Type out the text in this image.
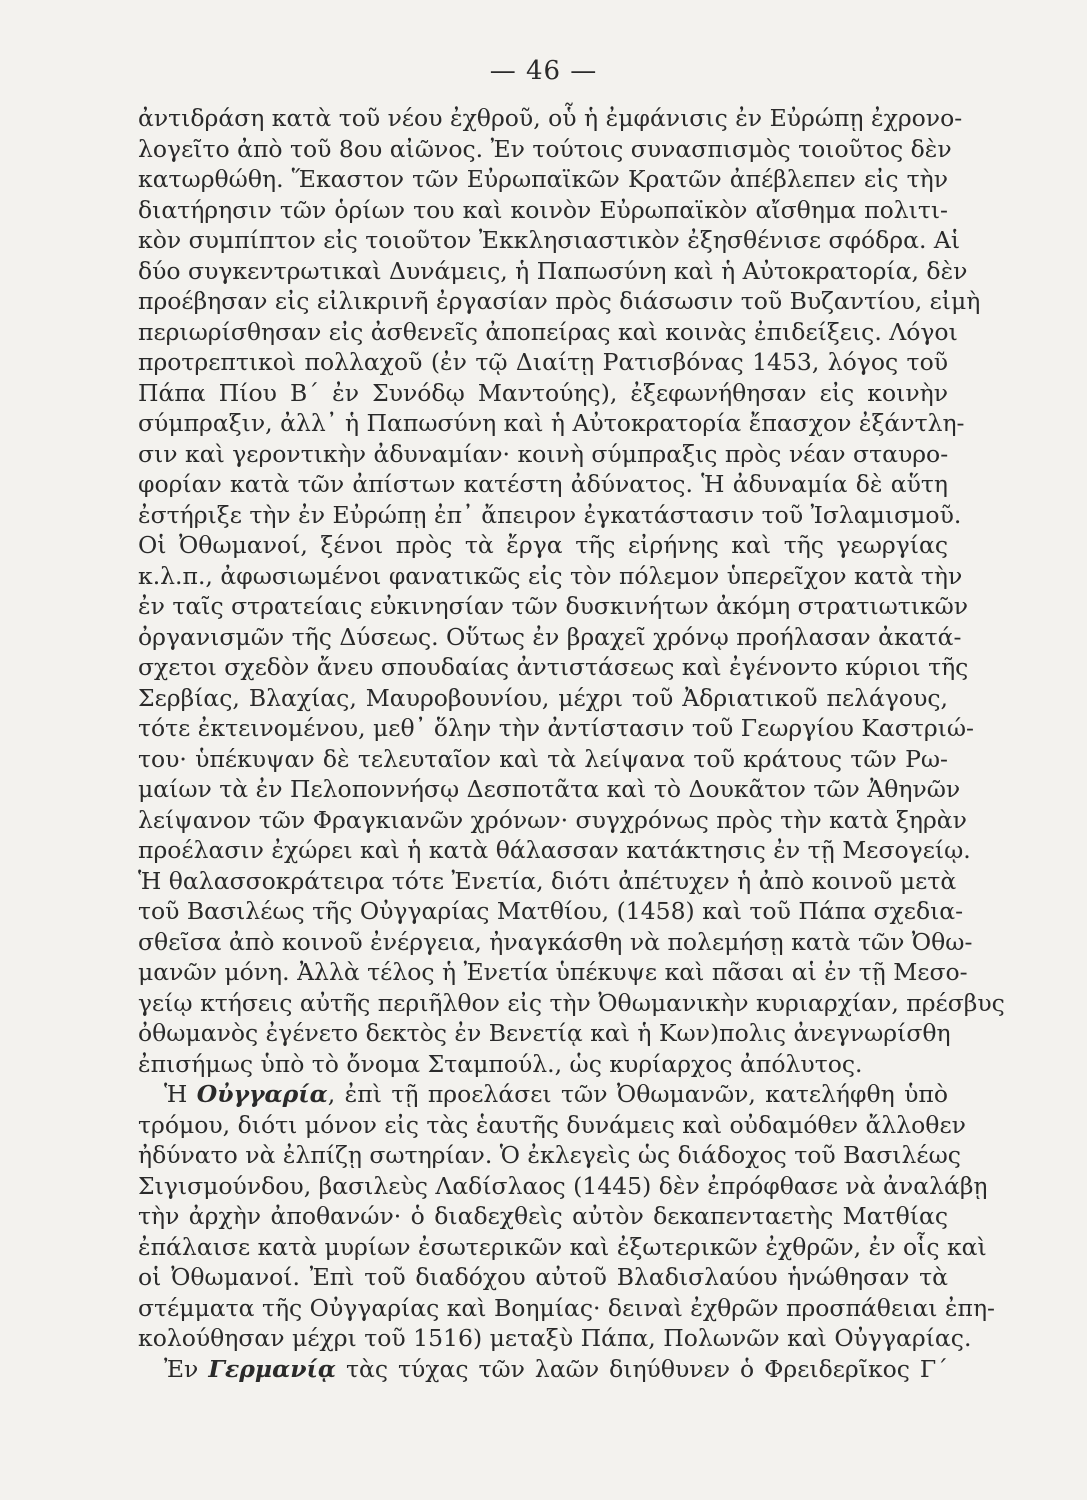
— 46 —
ἀντιδράση κατὰ τοῦ νέου ἐχθροῦ, οὗ ἡ ἐμφάνισις ἐν Εὐρώπῃ ἐχρονο-
λογεῖτο ἀπὸ τοῦ 8ου αἰῶνος. Ἐν τούτοις συνασπισμὸς τοιοῦτος δὲν
κατωρθώθη. Ἕκαστον τῶν Εὐρωπαϊκῶν Κρατῶν ἀπέβλεπεν εἰς τὴν
διατήρησιν τῶν ὁρίων του καὶ κοινὸν Εὐρωπαϊκὸν αἴσθημα πολιτι-
κὸν συμπίπτον εἰς τοιοῦτον Ἐκκλησιαστικὸν ἐξησθένισε σφόδρα. Αἱ
δύο συγκεντρωτικαὶ Δυνάμεις, ἡ Παπωσύνη καὶ ἡ Αὐτοκρατορία, δὲν
προέβησαν εἰς εἰλικρινῆ ἐργασίαν πρὸς διάσωσιν τοῦ Βυζαντίου, εἰμὴ
περιωρίσθησαν εἰς ἀσθενεῖς ἀποπείρας καὶ κοινὰς ἐπιδείξεις. Λόγοι
προτρεπτικοὶ πολλαχοῦ (ἐν τῷ Διαίτῃ Ρατισβόνας 1453, λόγος τοῦ
Πάπα Πίου Β΄ ἐν Συνόδῳ Μαντούης), ἐξεφωνήθησαν εἰς κοινὴν
σύμπραξιν, ἀλλ᾽ ἡ Παπωσύνη καὶ ἡ Αὐτοκρατορία ἔπασχον ἐξάντλη-
σιν καὶ γεροντικὴν ἀδυναμίαν· κοινὴ σύμπραξις πρὸς νέαν σταυρο-
φορίαν κατὰ τῶν ἀπίστων κατέστη ἀδύνατος. Ἡ ἀδυναμία δὲ αὕτη
ἐστήριξε τὴν ἐν Εὐρώπῃ ἐπ᾽ ἄπειρον ἐγκατάστασιν τοῦ Ἰσλαμισμοῦ.
Οἱ Ὀθωμανοί, ξένοι πρὸς τὰ ἔργα τῆς εἰρήνης καὶ τῆς γεωργίας
κ.λ.π., ἀφωσιωμένοι φανατικῶς εἰς τὸν πόλεμον ὑπερεῖχον κατὰ τὴν
ἐν ταῖς στρατείαις εὐκινησίαν τῶν δυσκινήτων ἀκόμη στρατιωτικῶν
ὀργανισμῶν τῆς Δύσεως. Οὕτως ἐν βραχεῖ χρόνῳ προήλασαν ἀκατά-
σχετοι σχεδὸν ἄνευ σπουδαίας ἀντιστάσεως καὶ ἐγένοντο κύριοι τῆς
Σερβίας, Βλαχίας, Μαυροβουνίου, μέχρι τοῦ Ἀδριατικοῦ πελάγους,
τότε ἐκτεινομένου, μεθ᾽ ὅλην τὴν ἀντίστασιν τοῦ Γεωργίου Καστριώ-
του· ὑπέκυψαν δὲ τελευταῖον καὶ τὰ λείψανα τοῦ κράτους τῶν Ρω-
μαίων τὰ ἐν Πελοποννήσῳ Δεσποτᾶτα καὶ τὸ Δουκᾶτον τῶν Ἀθηνῶν
λείψανον τῶν Φραγκιανῶν χρόνων· συγχρόνως πρὸς τὴν κατὰ ξηρὰν
προέλασιν ἐχώρει καὶ ἡ κατὰ θάλασσαν κατάκτησις ἐν τῇ Μεσογείῳ.
Ἡ θαλασσοκράτειρα τότε Ἐνετία, διότι ἀπέτυχεν ἡ ἀπὸ κοινοῦ μετὰ
τοῦ Βασιλέως τῆς Οὐγγαρίας Ματθίου, (1458) καὶ τοῦ Πάπα σχεδια-
σθεῖσα ἀπὸ κοινοῦ ἐνέργεια, ἠναγκάσθη νὰ πολεμήσῃ κατὰ τῶν Ὀθω-
μανῶν μόνη. Ἀλλὰ τέλος ἡ Ἐνετία ὑπέκυψε καὶ πᾶσαι αἱ ἐν τῇ Μεσο-
γείῳ κτήσεις αὐτῆς περιῆλθον εἰς τὴν Ὀθωμανικὴν κυριαρχίαν, πρέσβυς
ὀθωμανὸς ἐγένετο δεκτὸς ἐν Βενετίᾳ καὶ ἡ Κων)πολις ἀνεγνωρίσθη
ἐπισήμως ὑπὸ τὸ ὄνομα Σταμπούλ., ὡς κυρίαρχος ἀπόλυτος.
Ἡ Οὐγγαρία, ἐπὶ τῇ προελάσει τῶν Ὀθωμανῶν, κατελήφθη ὑπὸ
τρόμου, διότι μόνον εἰς τὰς ἑαυτῆς δυνάμεις καὶ οὐδαμόθεν ἄλλοθεν
ἠδύνατο νὰ ἐλπίζῃ σωτηρίαν. Ὁ ἐκλεγεὶς ὡς διάδοχος τοῦ Βασιλέως
Σιγισμούνδου, βασιλεὺς Λαδίσλαος (1445) δὲν ἐπρόφθασε νὰ ἀναλάβῃ
τὴν ἀρχὴν ἀποθανών· ὁ διαδεχθεὶς αὐτὸν δεκαπενταετὴς Ματθίας
ἐπάλαισε κατὰ μυρίων ἐσωτερικῶν καὶ ἐξωτερικῶν ἐχθρῶν, ἐν οἷς καὶ
οἱ Ὀθωμανοί. Ἐπὶ τοῦ διαδόχου αὐτοῦ Βλαδισλαύου ἡνώθησαν τὰ
στέμματα τῆς Οὐγγαρίας καὶ Βοημίας· δειναὶ ἐχθρῶν προσπάθειαι ἐπη-
κολούθησαν μέχρι τοῦ 1516) μεταξὺ Πάπα, Πολωνῶν καὶ Οὐγγαρίας.
Ἐν Γερμανίᾳ τὰς τύχας τῶν λαῶν διηύθυνεν ὁ Φρειδερῖκος Γ΄
